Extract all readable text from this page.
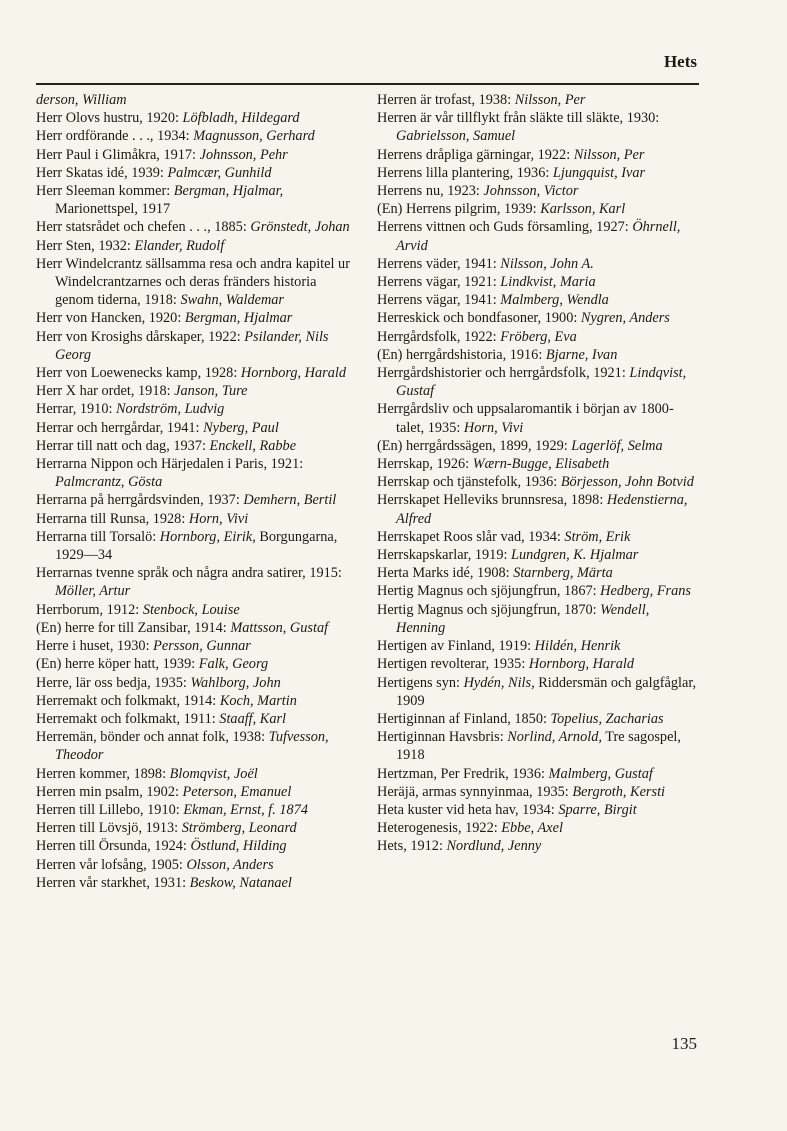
Hets
derson, William
Herr Olovs hustru, 1920: Löfbladh, Hildegard
Herr ordförande . . ., 1934: Magnusson, Gerhard
Herr Paul i Glimåkra, 1917: Johnsson, Pehr
Herr Skatas idé, 1939: Palmcær, Gunhild
Herr Sleeman kommer: Bergman, Hjalmar, Marionettspel, 1917
Herr statsrådet och chefen . . ., 1885: Grönstedt, Johan
Herr Sten, 1932: Elander, Rudolf
Herr Windelcrantz sällsamma resa och andra kapitel ur Windelcrantzarnes och deras fränders historia genom tiderna, 1918: Swahn, Waldemar
Herr von Hancken, 1920: Bergman, Hjalmar
Herr von Krosighs dårskaper, 1922: Psilander, Nils Georg
Herr von Loewenecks kamp, 1928: Hornborg, Harald
Herr X har ordet, 1918: Janson, Ture
Herrar, 1910: Nordström, Ludvig
Herrar och herrgårdar, 1941: Nyberg, Paul
Herrar till natt och dag, 1937: Enckell, Rabbe
Herrarna Nippon och Härjedalen i Paris, 1921: Palmcrantz, Gösta
Herrarna på herrgårdsvinden, 1937: Demhern, Bertil
Herrarna till Runsa, 1928: Horn, Vivi
Herrarna till Torsalö: Hornborg, Eirik, Borgungarna, 1929—34
Herrarnas tvenne språk och några andra satirer, 1915: Möller, Artur
Herrborum, 1912: Stenbock, Louise
(En) herre for till Zansibar, 1914: Mattsson, Gustaf
Herre i huset, 1930: Persson, Gunnar
(En) herre köper hatt, 1939: Falk, Georg
Herre, lär oss bedja, 1935: Wahlborg, John
Herremakt och folkmakt, 1914: Koch, Martin
Herremakt och folkmakt, 1911: Staaff, Karl
Herremän, bönder och annat folk, 1938: Tufvesson, Theodor
Herren kommer, 1898: Blomqvist, Joël
Herren min psalm, 1902: Peterson, Emanuel
Herren till Lillebo, 1910: Ekman, Ernst, f. 1874
Herren till Lövsjö, 1913: Strömberg, Leonard
Herren till Örsunda, 1924: Östlund, Hilding
Herren vår lofsång, 1905: Olsson, Anders
Herren vår starkhet, 1931: Beskow, Natanael
Herren är trofast, 1938: Nilsson, Per
Herren är vår tillflykt från släkte till släkte, 1930: Gabrielsson, Samuel
Herrens dråpliga gärningar, 1922: Nilsson, Per
Herrens lilla plantering, 1936: Ljungquist, Ivar
Herrens nu, 1923: Johnsson, Victor
(En) Herrens pilgrim, 1939: Karlsson, Karl
Herrens vittnen och Guds församling, 1927: Öhrnell, Arvid
Herrens väder, 1941: Nilsson, John A.
Herrens vägar, 1921: Lindkvist, Maria
Herrens vägar, 1941: Malmberg, Wendla
Herreskick och bondfasoner, 1900: Nygren, Anders
Herrgårdsfolk, 1922: Fröberg, Eva
(En) herrgårdshistoria, 1916: Bjarne, Ivan
Herrgårdshistorier och herrgårdsfolk, 1921: Lindqvist, Gustaf
Herrgårdsliv och uppsalaromantik i början av 1800-talet, 1935: Horn, Vivi
(En) herrgårdssägen, 1899, 1929: Lagerlöf, Selma
Herrskap, 1926: Wærn-Bugge, Elisabeth
Herrskap och tjänstefolk, 1936: Börjesson, John Botvid
Herrskapet Helleviks brunnsresa, 1898: Hedenstierna, Alfred
Herrskapet Roos slår vad, 1934: Ström, Erik
Herrskapskarlar, 1919: Lundgren, K. Hjalmar
Herta Marks idé, 1908: Starnberg, Märta
Hertig Magnus och sjöjungfrun, 1867: Hedberg, Frans
Hertig Magnus och sjöjungfrun, 1870: Wendell, Henning
Hertigen av Finland, 1919: Hildén, Henrik
Hertigen revolterar, 1935: Hornborg, Harald
Hertigens syn: Hydén, Nils, Riddersmän och galgfåglar, 1909
Hertiginnan af Finland, 1850: Topelius, Zacharias
Hertiginnan Havsbris: Norlind, Arnold, Tre sagospel, 1918
Hertzman, Per Fredrik, 1936: Malmberg, Gustaf
Heräjä, armas synnyinmaa, 1935: Bergroth, Kersti
Heta kuster vid heta hav, 1934: Sparre, Birgit
Heterogenesis, 1922: Ebbe, Axel
Hets, 1912: Nordlund, Jenny
135
